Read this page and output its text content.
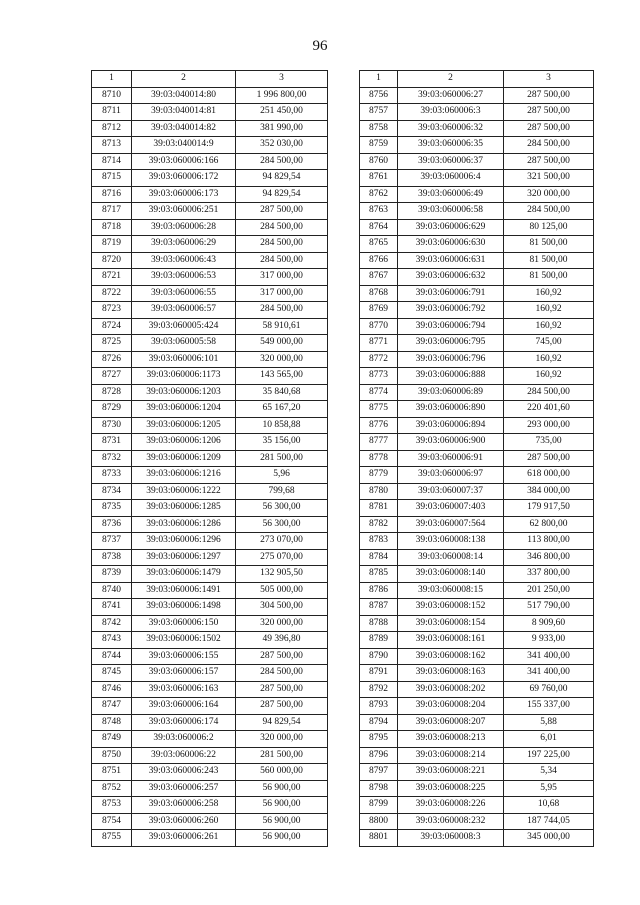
96
1	2	3
8710	39:03:040014:80	1 996 800,00
8711	39:03:040014:81	251 450,00
8712	39:03:040014:82	381 990,00
8713	39:03:040014:9	352 030,00
8714	39:03:060006:166	284 500,00
8715	39:03:060006:172	94 829,54
8716	39:03:060006:173	94 829,54
8717	39:03:060006:251	287 500,00
8718	39:03:060006:28	284 500,00
8719	39:03:060006:29	284 500,00
8720	39:03:060006:43	284 500,00
8721	39:03:060006:53	317 000,00
8722	39:03:060006:55	317 000,00
8723	39:03:060006:57	284 500,00
8724	39:03:060005:424	58 910,61
8725	39:03:060005:58	549 000,00
8726	39:03:060006:101	320 000,00
8727	39:03:060006:1173	143 565,00
8728	39:03:060006:1203	35 840,68
8729	39:03:060006:1204	65 167,20
8730	39:03:060006:1205	10 858,88
8731	39:03:060006:1206	35 156,00
8732	39:03:060006:1209	281 500,00
8733	39:03:060006:1216	5,96
8734	39:03:060006:1222	799,68
8735	39:03:060006:1285	56 300,00
8736	39:03:060006:1286	56 300,00
8737	39:03:060006:1296	273 070,00
8738	39:03:060006:1297	275 070,00
8739	39:03:060006:1479	132 905,50
8740	39:03:060006:1491	505 000,00
8741	39:03:060006:1498	304 500,00
8742	39:03:060006:150	320 000,00
8743	39:03:060006:1502	49 396,80
8744	39:03:060006:155	287 500,00
8745	39:03:060006:157	284 500,00
8746	39:03:060006:163	287 500,00
8747	39:03:060006:164	287 500,00
8748	39:03:060006:174	94 829,54
8749	39:03:060006:2	320 000,00
8750	39:03:060006:22	281 500,00
8751	39:03:060006:243	560 000,00
8752	39:03:060006:257	56 900,00
8753	39:03:060006:258	56 900,00
8754	39:03:060006:260	56 900,00
8755	39:03:060006:261	56 900,00
1	2	3
8756	39:03:060006:27	287 500,00
8757	39:03:060006:3	287 500,00
8758	39:03:060006:32	287 500,00
8759	39:03:060006:35	284 500,00
8760	39:03:060006:37	287 500,00
8761	39:03:060006:4	321 500,00
8762	39:03:060006:49	320 000,00
8763	39:03:060006:58	284 500,00
8764	39:03:060006:629	80 125,00
8765	39:03:060006:630	81 500,00
8766	39:03:060006:631	81 500,00
8767	39:03:060006:632	81 500,00
8768	39:03:060006:791	160,92
8769	39:03:060006:792	160,92
8770	39:03:060006:794	160,92
8771	39:03:060006:795	745,00
8772	39:03:060006:796	160,92
8773	39:03:060006:888	160,92
8774	39:03:060006:89	284 500,00
8775	39:03:060006:890	220 401,60
8776	39:03:060006:894	293 000,00
8777	39:03:060006:900	735,00
8778	39:03:060006:91	287 500,00
8779	39:03:060006:97	618 000,00
8780	39:03:060007:37	384 000,00
8781	39:03:060007:403	179 917,50
8782	39:03:060007:564	62 800,00
8783	39:03:060008:138	113 800,00
8784	39:03:060008:14	346 800,00
8785	39:03:060008:140	337 800,00
8786	39:03:060008:15	201 250,00
8787	39:03:060008:152	517 790,00
8788	39:03:060008:154	8 909,60
8789	39:03:060008:161	9 933,00
8790	39:03:060008:162	341 400,00
8791	39:03:060008:163	341 400,00
8792	39:03:060008:202	69 760,00
8793	39:03:060008:204	155 337,00
8794	39:03:060008:207	5,88
8795	39:03:060008:213	6,01
8796	39:03:060008:214	197 225,00
8797	39:03:060008:221	5,34
8798	39:03:060008:225	5,95
8799	39:03:060008:226	10,68
8800	39:03:060008:232	187 744,05
8801	39:03:060008:3	345 000,00
